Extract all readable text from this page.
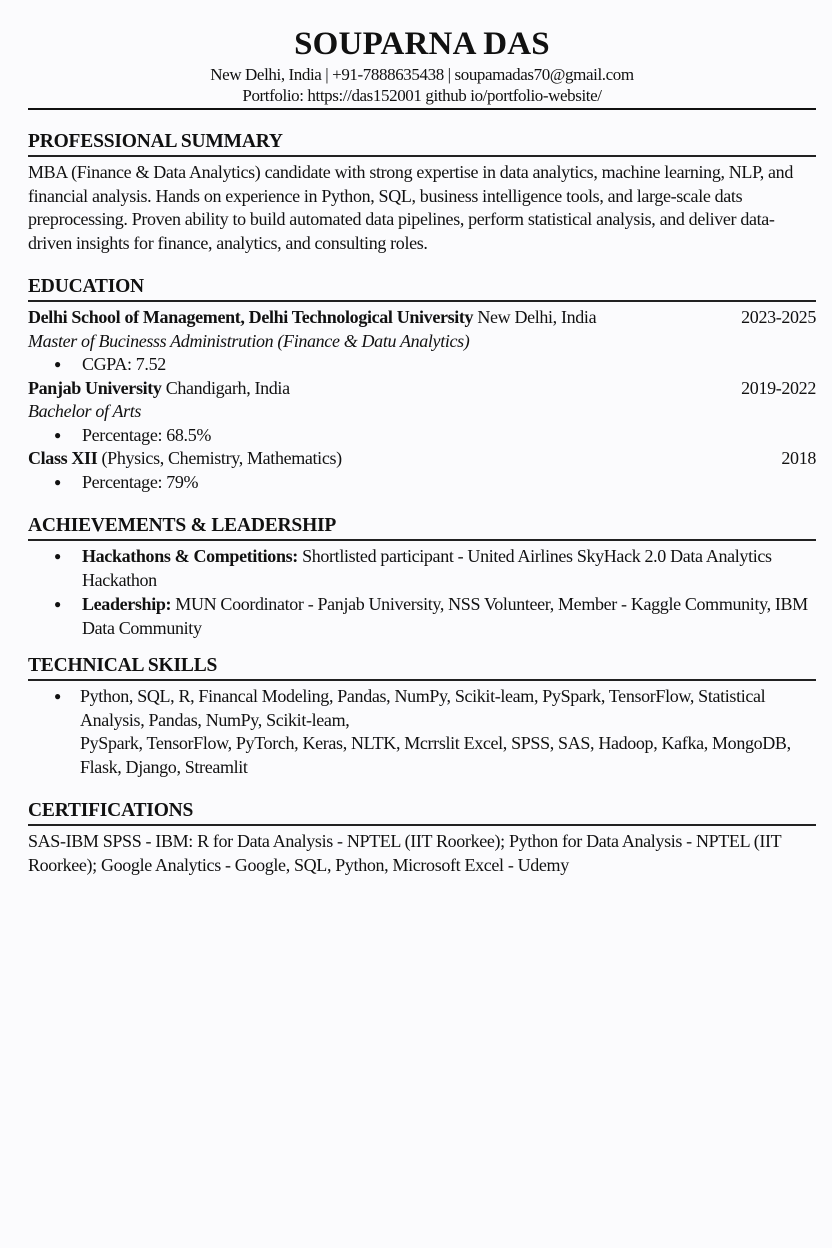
SOUPARNA DAS
New Delhi, India | +91-7888635438 | soupamadas70@gmail.com
Portfolio: https://das152001 github io/portfolio-website/
PROFESSIONAL SUMMARY
MBA (Finance & Data Analytics) candidate with strong expertise in data analytics, machine learning, NLP, and financial analysis. Hands on experience in Python, SQL, business intelligence tools, and large-scale dats preprocessing. Proven ability to build automated data pipelines, perform statistical analysis, and deliver data-driven insights for finance, analytics, and consulting roles.
EDUCATION
Delhi School of Management, Delhi Technological University New Delhi, India	2023-2025
Master of Bucinesss Administrution (Finance & Datu Analytics)
● CGPA: 7.52
Panjab University Chandigarh, India	2019-2022
Bachelor of Arts
● Percentage: 68.5%
Class XII (Physics, Chemistry, Mathematics)	2018
● Percentage: 79%
ACHIEVEMENTS & LEADERSHIP
● Hackathons & Competitions: Shortlisted participant - United Airlines SkyHack 2.0 Data Analytics Hackathon
● Leadership: MUN Coordinator - Panjab University, NSS Volunteer, Member - Kaggle Community, IBM Data Community
TECHNICAL SKILLS
● Python, SQL, R, Financal Modeling, Pandas, NumPy, Scikit-leam, PySpark, TensorFlow, Statistical Analysis, Pandas, NumPy, Scikit-leam,
PySpark, TensorFlow, PyTorch, Keras, NLTK, Mcrrslit Excel, SPSS, SAS, Hadoop, Kafka, MongoDB, Flask, Django, Streamlit
CERTIFICATIONS
SAS-IBM SPSS - IBM: R for Data Analysis - NPTEL (IIT Roorkee); Python for Data Analysis - NPTEL (IIT Roorkee); Google Analytics - Google, SQL, Python, Microsoft Excel - Udemy
